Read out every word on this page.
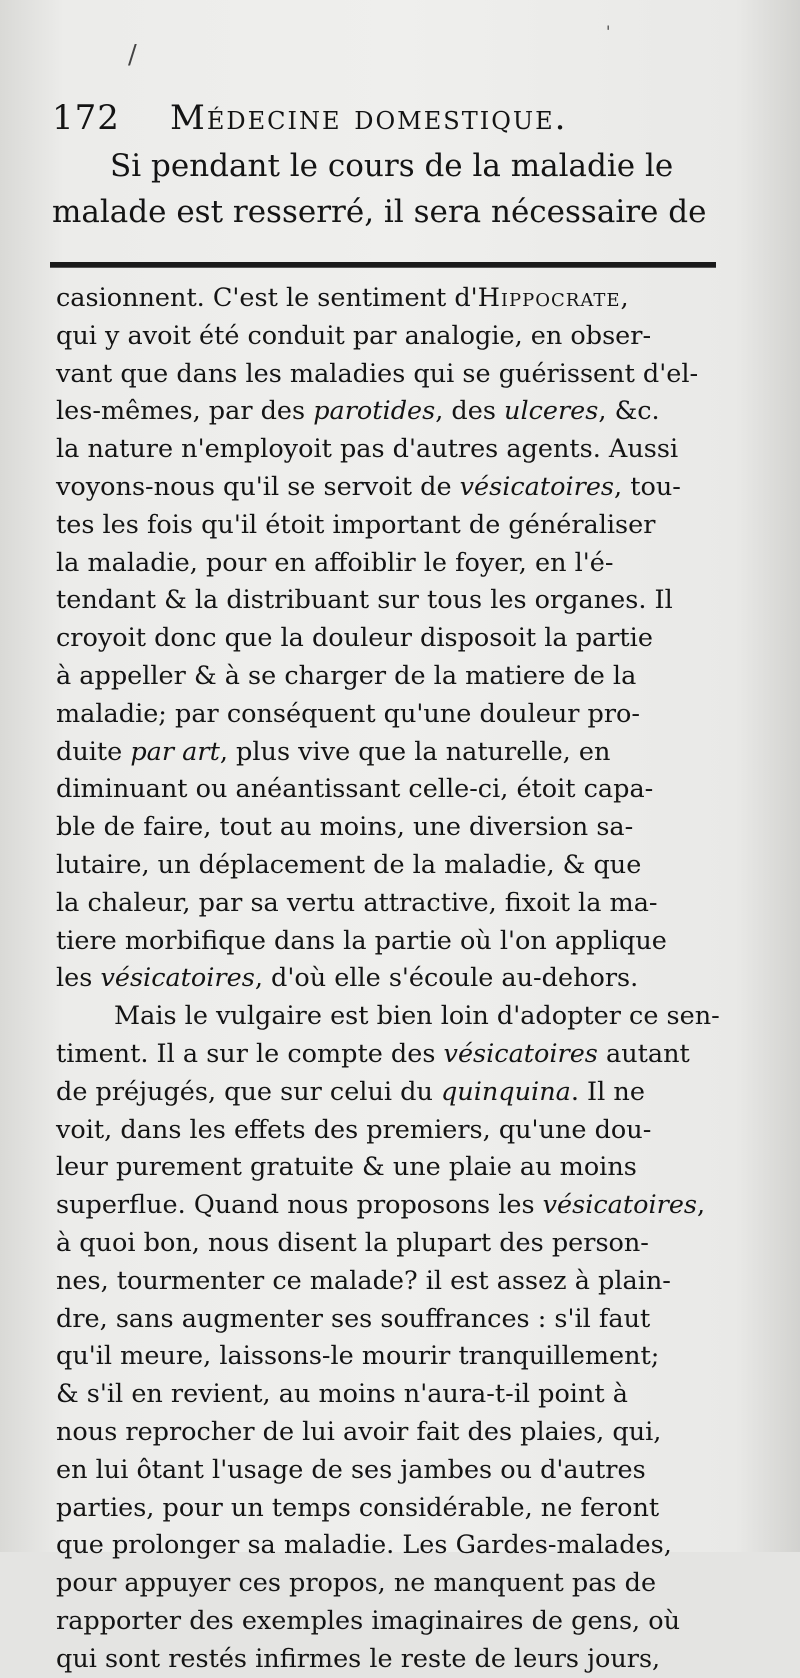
/
'
172 Médecine domestique.
Si pendant le cours de la maladie le
malade est resserré, il sera nécessaire de
casionnent. C'est le sentiment d'Hippocrate,
qui y avoit été conduit par analogie, en obser-
vant que dans les maladies qui se guérissent d'el-
les-mêmes, par des parotides, des ulceres, &c.
la nature n'employoit pas d'autres agents. Aussi
voyons-nous qu'il se servoit de vésicatoires, tou-
tes les fois qu'il étoit important de généraliser
la maladie, pour en affoiblir le foyer, en l'é-
tendant & la distribuant sur tous les organes. Il
croyoit donc que la douleur disposoit la partie
à appeller & à se charger de la matiere de la
maladie; par conséquent qu'une douleur pro-
duite par art, plus vive que la naturelle, en
diminuant ou anéantissant celle-ci, étoit capa-
ble de faire, tout au moins, une diversion sa-
lutaire, un déplacement de la maladie, & que
la chaleur, par sa vertu attractive, fixoit la ma-
tiere morbifique dans la partie où l'on applique
les vésicatoires, d'où elle s'écoule au-dehors.
Mais le vulgaire est bien loin d'adopter ce sen-
timent. Il a sur le compte des vésicatoires autant
de préjugés, que sur celui du quinquina. Il ne
voit, dans les effets des premiers, qu'une dou-
leur purement gratuite & une plaie au moins
superflue. Quand nous proposons les vésicatoires,
à quoi bon, nous disent la plupart des person-
nes, tourmenter ce malade? il est assez à plain-
dre, sans augmenter ses souffrances : s'il faut
qu'il meure, laissons-le mourir tranquillement;
& s'il en revient, au moins n'aura-t-il point à
nous reprocher de lui avoir fait des plaies, qui,
en lui ôtant l'usage de ses jambes ou d'autres
parties, pour un temps considérable, ne feront
que prolonger sa maladie. Les Gardes-malades,
pour appuyer ces propos, ne manquent pas de
rapporter des exemples imaginaires de gens, où
qui sont restés infirmes le reste de leurs jours,
